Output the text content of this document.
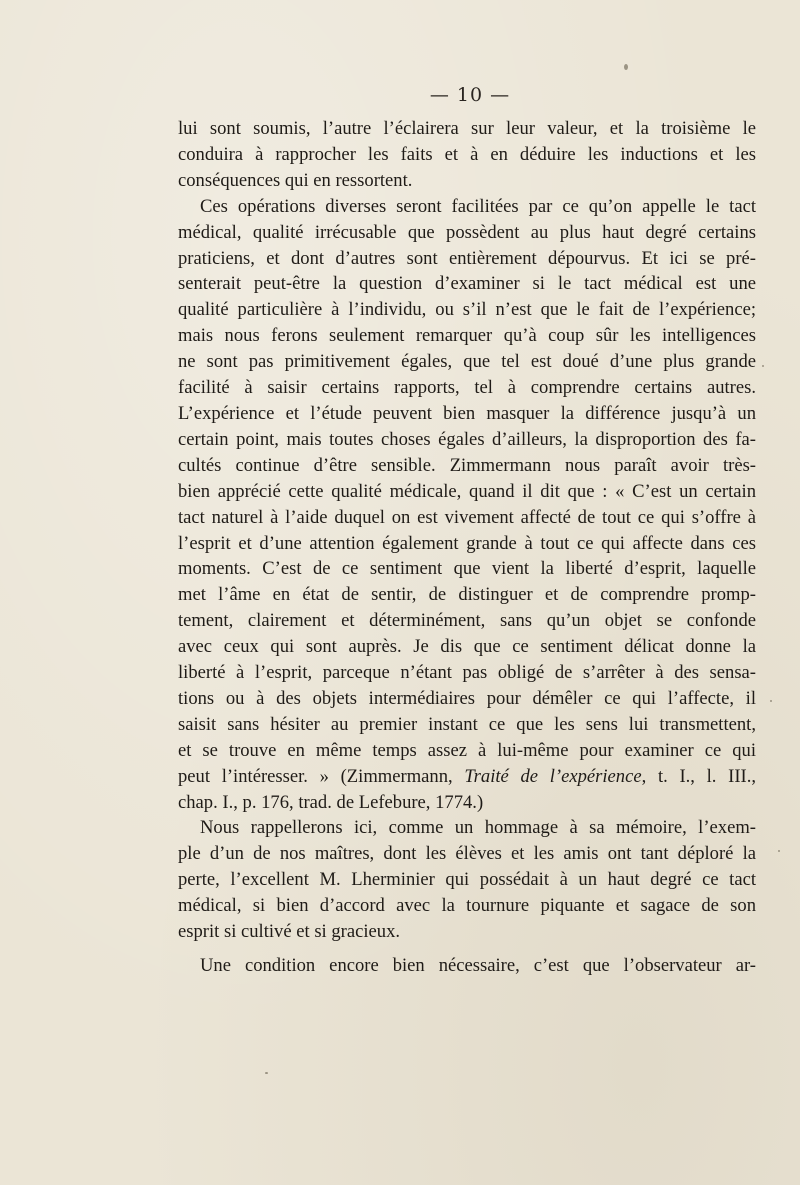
— 10 —
lui sont soumis, l’autre l’éclairera sur leur valeur, et la troisième le
conduira à rapprocher les faits et à en déduire les inductions et les
conséquences qui en ressortent.
Ces opérations diverses seront facilitées par ce qu’on appelle le tact
médical, qualité irrécusable que possèdent au plus haut degré certains
praticiens, et dont d’autres sont entièrement dépourvus. Et ici se pré-
senterait peut-être la question d’examiner si le tact médical est une
qualité particulière à l’individu, ou s’il n’est que le fait de l’expérience;
mais nous ferons seulement remarquer qu’à coup sûr les intelligences
ne sont pas primitivement égales, que tel est doué d’une plus grande
facilité à saisir certains rapports, tel à comprendre certains autres.
L’expérience et l’étude peuvent bien masquer la différence jusqu’à un
certain point, mais toutes choses égales d’ailleurs, la disproportion des fa-
cultés continue d’être sensible. Zimmermann nous paraît avoir très-
bien apprécié cette qualité médicale, quand il dit que : « C’est un certain
tact naturel à l’aide duquel on est vivement affecté de tout ce qui s’offre à
l’esprit et d’une attention également grande à tout ce qui affecte dans ces
moments. C’est de ce sentiment que vient la liberté d’esprit, laquelle
met l’âme en état de sentir, de distinguer et de comprendre promp-
tement, clairement et déterminément, sans qu’un objet se confonde
avec ceux qui sont auprès. Je dis que ce sentiment délicat donne la
liberté à l’esprit, parceque n’étant pas obligé de s’arrêter à des sensa-
tions ou à des objets intermédiaires pour démêler ce qui l’affecte, il
saisit sans hésiter au premier instant ce que les sens lui transmettent,
et se trouve en même temps assez à lui-même pour examiner ce qui
peut l’intéresser. » (Zimmermann, Traité de l’expérience, t. I., l. III.,
chap. I., p. 176, trad. de Lefebure, 1774.)
Nous rappellerons ici, comme un hommage à sa mémoire, l’exem-
ple d’un de nos maîtres, dont les élèves et les amis ont tant déploré la
perte, l’excellent M. Lherminier qui possédait à un haut degré ce tact
médical, si bien d’accord avec la tournure piquante et sagace de son
esprit si cultivé et si gracieux.
Une condition encore bien nécessaire, c’est que l’observateur ar-
